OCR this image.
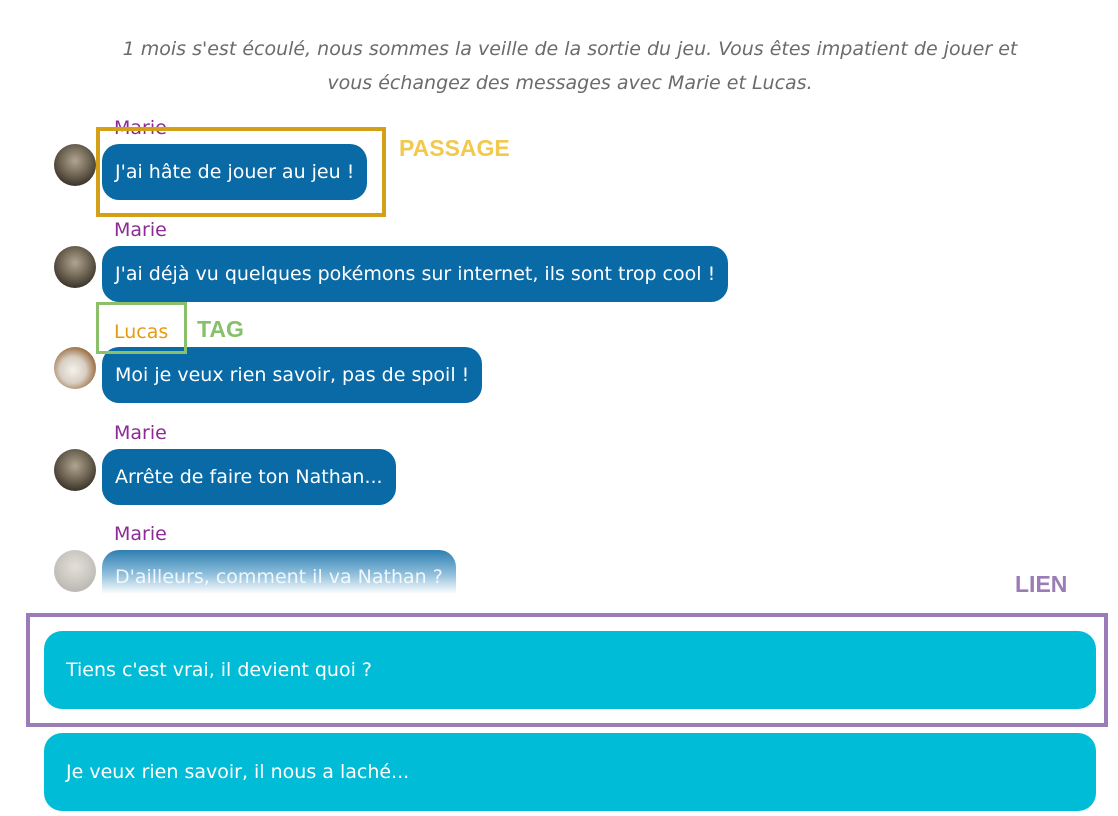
1 mois s'est écoulé, nous sommes la veille de la sortie du jeu. Vous êtes impatient de jouer et
vous échangez des messages avec Marie et Lucas.
Marie
J'ai hâte de jouer au jeu !
Marie
J'ai déjà vu quelques pokémons sur internet, ils sont trop cool !
Lucas
Moi je veux rien savoir, pas de spoil !
Marie
Arrête de faire ton Nathan...
Marie
D'ailleurs, comment il va Nathan ?
Tiens c'est vrai, il devient quoi ?
Je veux rien savoir, il nous a laché...
PASSAGE
TAG
LIEN
